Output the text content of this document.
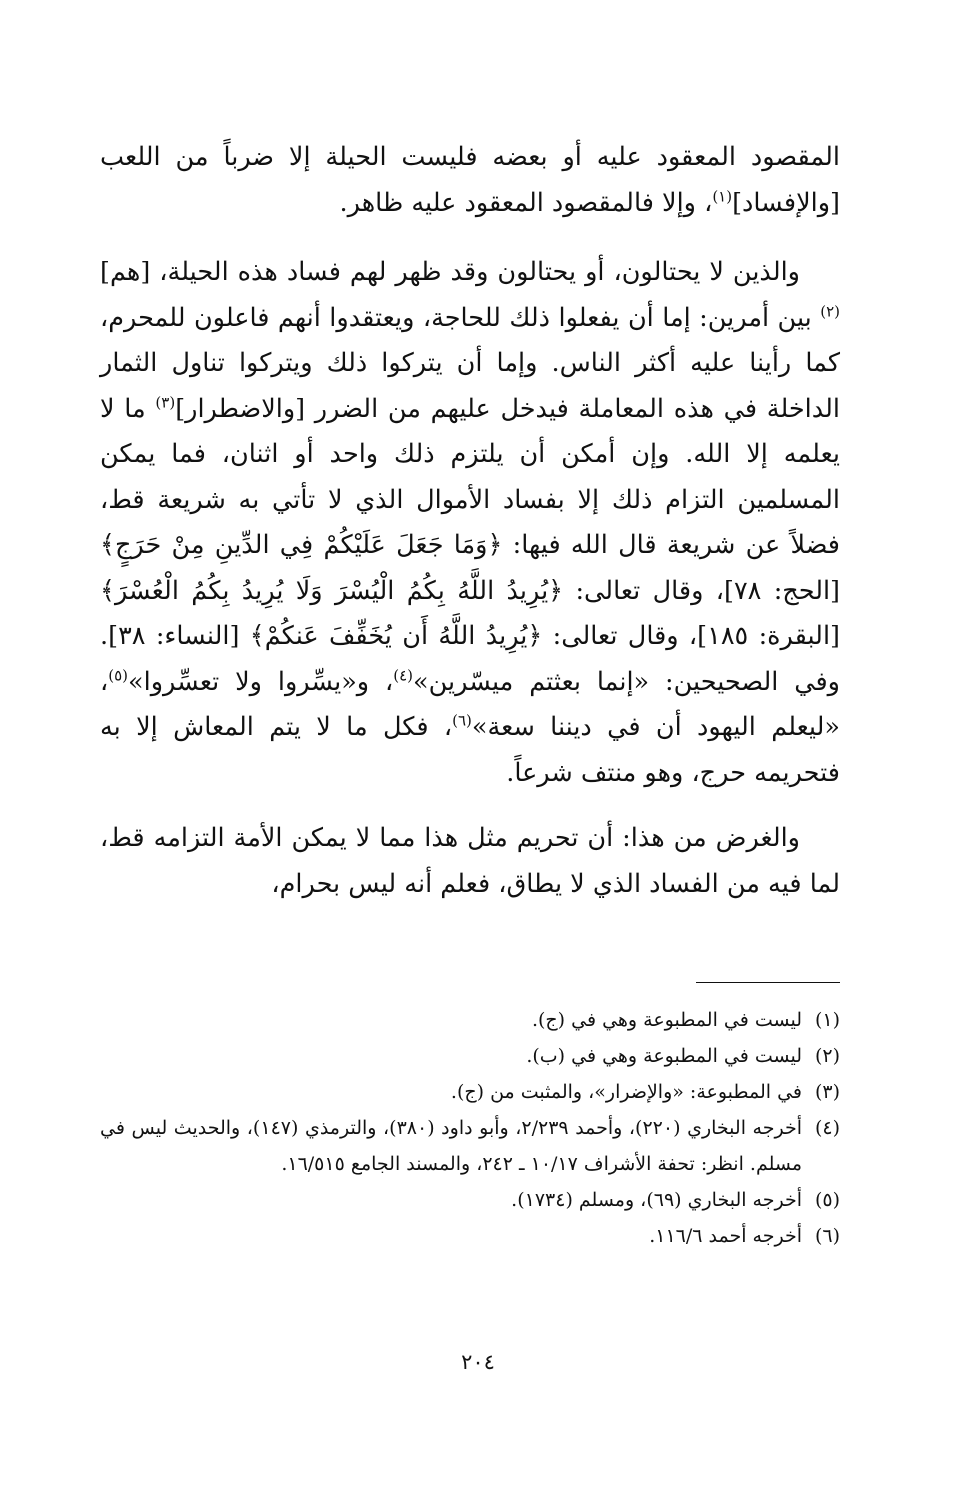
المقصود المعقود عليه أو بعضه فليست الحيلة إلا ضرباً من اللعب [والإفساد]$^{(١)}$، وإلا فالمقصود المعقود عليه ظاهر.

والذين لا يحتالون، أو يحتالون وقد ظهر لهم فساد هذه الحيلة، [هم]$^{(٢)}$ بين أمرين: إما أن يفعلوا ذلك للحاجة، ويعتقدوا أنهم فاعلون للمحرم، كما رأينا عليه أكثر الناس. وإما أن يتركوا ذلك ويتركوا تناول الثمار الداخلة في هذه المعاملة فيدخل عليهم من الضرر [والاضطرار]$^{(٣)}$ ما لا يعلمه إلا الله. وإن أمكن أن يلتزم ذلك واحد أو اثنان، فما يمكن المسلمين التزام ذلك إلا بفساد الأموال الذي لا تأتي به شريعة قط، فضلاً عن شريعة قال الله فيها: ﴿وَمَا جَعَلَ عَلَيْكُمْ فِي الدِّينِ مِنْ حَرَجٍ﴾ [الحج: ٧٨]، وقال تعالى: ﴿يُرِيدُ اللَّهُ بِكُمُ الْيُسْرَ وَلَا يُرِيدُ بِكُمُ الْعُسْرَ﴾ [البقرة: ١٨٥]، وقال تعالى: ﴿يُرِيدُ اللَّهُ أَن يُخَفِّفَ عَنكُمْ﴾ [النساء: ٣٨]. وفي الصحيحين: «إنما بعثتم ميسّرين»$^{(٤)}$، و«يسِّروا ولا تعسِّروا»$^{(٥)}$، «ليعلم اليهود أن في ديننا سعة»$^{(٦)}$، فكل ما لا يتم المعاش إلا به فتحريمه حرج، وهو منتف شرعاً.

والغرض من هذا: أن تحريم مثل هذا مما لا يمكن الأمة التزامه قط، لما فيه من الفساد الذي لا يطاق، فعلم أنه ليس بحرام،

(١)
ليست في المطبوعة وهي في (ج).
(٢)
ليست في المطبوعة وهي في (ب).
(٣)
في المطبوعة: «والإضرار»، والمثبت من (ج).
(٤)
أخرجه البخاري (٢٢٠)، وأحمد ٢/٢٣٩، وأبو داود (٣٨٠)، والترمذي (١٤٧)، والحديث ليس في مسلم. انظر: تحفة الأشراف ١٠/١٧ ـ ٢٤٢، والمسند الجامع ١٦/٥١٥.
(٥)
أخرجه البخاري (٦٩)، ومسلم (١٧٣٤).
(٦)
أخرجه أحمد ١١٦/٦.
٢٠٤
